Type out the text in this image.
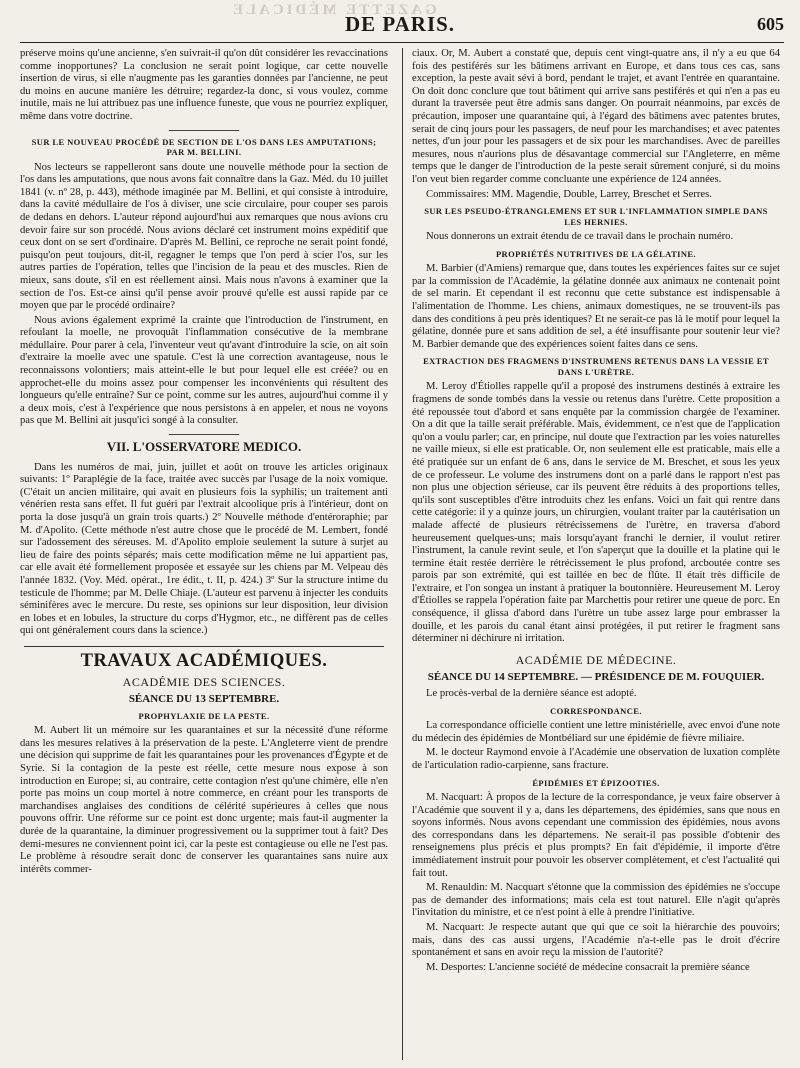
GAZETTE MÉDICALE
DE PARIS.	605

préserve moins qu'une ancienne, s'en suivrait-il qu'on dût considérer les revaccinations comme inopportunes? La conclusion ne serait point logique, car cette nouvelle insertion de virus, si elle n'augmente pas les garanties données par l'ancienne, ne peut du moins en aucune manière les détruire; regardez-la donc, si vous voulez, comme inutile, mais ne lui attribuez pas une influence funeste, que vous ne pourriez expliquer, même dans votre doctrine.

SUR LE NOUVEAU PROCÉDÉ DE SECTION DE L'OS DANS LES AMPUTATIONS; PAR M. BELLINI.

Nos lecteurs se rappelleront sans doute une nouvelle méthode pour la section de l'os dans les amputations, que nous avons fait connaître dans la Gaz. Méd. du 10 juillet 1841 (v. nº 28, p. 443), méthode imaginée par M. Bellini, et qui consiste à introduire, dans la cavité médullaire de l'os à diviser, une scie circulaire, pour couper ses parois de dedans en dehors. L'auteur répond aujourd'hui aux remarques que nous avions cru devoir faire sur son procédé. Nous avions déclaré cet instrument moins expéditif que ceux dont on se sert d'ordinaire. D'après M. Bellini, ce reproche ne serait point fondé, puisqu'on peut toujours, dit-il, regagner le temps que l'on perd à scier l'os, sur les autres parties de l'opération, telles que l'incision de la peau et des muscles. Rien de mieux, sans doute, s'il en est réellement ainsi. Mais nous n'avons à examiner que la section de l'os. Est-ce ainsi qu'il pense avoir prouvé qu'elle est aussi rapide par ce moyen que par le procédé ordinaire?

Nous avions également exprimé la crainte que l'introduction de l'instrument, en refoulant la moelle, ne provoquât l'inflammation consécutive de la membrane médullaire. Pour parer à cela, l'inventeur veut qu'avant d'introduire la scie, on ait soin d'extraire la moelle avec une spatule. C'est là une correction avantageuse, nous le reconnaissons volontiers; mais atteint-elle le but pour lequel elle est créée? ou en approchet-elle du moins assez pour compenser les inconvénients qui résultent des longueurs qu'elle entraîne? Sur ce point, comme sur les autres, aujourd'hui comme il y a deux mois, c'est à l'expérience que nous persistons à en appeler, et nous ne voyons pas que M. Bellini ait jusqu'ici songé à la consulter.

VII. L'OSSERVATORE MEDICO.

Dans les numéros de mai, juin, juillet et août on trouve les articles originaux suivants: 1º Paraplégie de la face, traitée avec succès par l'usage de la noix vomique. (C'était un ancien militaire, qui avait en plusieurs fois la syphilis; un traitement anti vénérien resta sans effet. Il fut guéri par l'extrait alcoolique pris à l'intérieur, dont on porta la dose jusqu'à un grain trois quarts.) 2º Nouvelle méthode d'entéroraphie; par M. d'Apolito. (Cette méthode n'est autre chose que le procédé de M. Lembert, fondé sur l'adossement des séreuses. M. d'Apolito emploie seulement la suture à surjet au lieu de faire des points séparés; mais cette modification même ne lui appartient pas, car elle avait été formellement proposée et essayée sur les chiens par M. Velpeau dès l'année 1832. (Voy. Méd. opérat., 1re édit., t. II, p. 424.) 3º Sur la structure intime du testicule de l'homme; par M. Delle Chiaje. (L'auteur est parvenu à injecter les conduits séminifères avec le mercure. Du reste, ses opinions sur leur disposition, leur division en lobes et en lobules, la structure du corps d'Hygmor, etc., ne diffèrent pas de celles qui ont généralement cours dans la science.)

TRAVAUX ACADÉMIQUES.
ACADÉMIE DES SCIENCES.
SÉANCE DU 13 SEPTEMBRE.
PROPHYLAXIE DE LA PESTE.

M. Aubert lit un mémoire sur les quarantaines et sur la nécessité d'une réforme dans les mesures relatives à la préservation de la peste. L'Angleterre vient de prendre une décision qui supprime de fait les quarantaines pour les provenances d'Égypte et de Syrie. Si la contagion de la peste est réelle, cette mesure nous expose à son introduction en Europe; si, au contraire, cette contagion n'est qu'une chimère, elle n'en porte pas moins un coup mortel à notre commerce, en créant pour les transports de marchandises anglaises des conditions de célérité supérieures à celles que nous pouvons offrir. Une réforme sur ce point est donc urgente; mais faut-il augmenter la durée de la quarantaine, la diminuer progressivement ou la supprimer tout à fait? Des demi-mesures ne conviennent point ici, car la peste est contagieuse ou elle ne l'est pas. Le problème à résoudre serait donc de conserver les quarantaines sans nuire aux intérêts commer-

ciaux. Or, M. Aubert a constaté que, depuis cent vingt-quatre ans, il n'y a eu que 64 fois des pestiférés sur les bâtimens arrivant en Europe, et dans tous ces cas, sans exception, la peste avait sévi à bord, pendant le trajet, et avant l'entrée en quarantaine. On doit donc conclure que tout bâtiment qui arrive sans pestiférés et qui n'en a pas eu durant la traversée peut être admis sans danger. On pourrait néanmoins, par excès de précaution, imposer une quarantaine qui, à l'égard des bâtimens avec patentes brutes, serait de cinq jours pour les passagers, de neuf pour les marchandises; et avec patentes nettes, d'un jour pour les passagers et de six pour les marchandises. Avec de pareilles mesures, nous n'aurions plus de désavantage commercial sur l'Angleterre, en même temps que le danger de l'introduction de la peste serait sûrement conjuré, si du moins l'on veut bien regarder comme concluante une expérience de 124 années.

Commissaires: MM. Magendie, Double, Larrey, Breschet et Serres.

SUR LES PSEUDO-ÉTRANGLEMENS ET SUR L'INFLAMMATION SIMPLE DANS LES HERNIES.

Nous donnerons un extrait étendu de ce travail dans le prochain numéro.

PROPRIÉTÉS NUTRITIVES DE LA GÉLATINE.

M. Barbier (d'Amiens) remarque que, dans toutes les expériences faites sur ce sujet par la commission de l'Académie, la gélatine donnée aux animaux ne contenait point de sel marin. Et cependant il est reconnu que cette substance est indispensable à l'alimentation de l'homme. Les chiens, animaux domestiques, ne se trouvent-ils pas dans des conditions à peu près identiques? Et ne serait-ce pas là le motif pour lequel la gélatine, donnée pure et sans addition de sel, a été insuffisante pour soutenir leur vie? M. Barbier demande que des expériences soient faites dans ce sens.

EXTRACTION DES FRAGMENS D'INSTRUMENS RETENUS DANS LA VESSIE ET DANS L'URÈTRE.

M. Leroy d'Étiolles rappelle qu'il a proposé des instrumens destinés à extraire les fragmens de sonde tombés dans la vessie ou retenus dans l'urètre. Cette proposition a été repoussée tout d'abord et sans enquête par la commission chargée de l'examiner. On a dit que la taille serait préférable. Mais, évidemment, ce n'est que de l'application qu'on a voulu parler; car, en principe, nul doute que l'extraction par les voies naturelles ne vaille mieux, si elle est praticable. Or, non seulement elle est praticable, mais elle a été pratiquée sur un enfant de 6 ans, dans le service de M. Breschet, et sous les yeux de ce professeur. Le volume des instrumens dont on a parlé dans le rapport n'est pas non plus une objection sérieuse, car ils peuvent être réduits à des proportions telles, qu'ils sont susceptibles d'être introduits chez les enfans. Voici un fait qui rentre dans cette catégorie: il y a quinze jours, un chirurgien, voulant traiter par la cautérisation un malade affecté de plusieurs rétrécissemens de l'urètre, en traversa d'abord heureusement quelques-uns; mais lorsqu'ayant franchi le dernier, il voulut retirer l'instrument, la canule revint seule, et l'on s'aperçut que la douille et la platine qui le termine était restée derrière le rétrécissement le plus profond, arcboutée contre ses parois par son extrémité, qui est taillée en bec de flûte. Il était très difficile de l'extraire, et l'on songea un instant à pratiquer la boutonnière. Heureusement M. Leroy d'Étiolles se rappela l'opération faite par Marchettis pour retirer une queue de porc. En conséquence, il glissa d'abord dans l'urètre un tube assez large pour embrasser la douille, et les parois du canal étant ainsi protégées, il put retirer le fragment sans déterminer ni déchirure ni irritation.

ACADÉMIE DE MÉDECINE.
SÉANCE DU 14 SEPTEMBRE. — PRÉSIDENCE DE M. FOUQUIER.

Le procès-verbal de la dernière séance est adopté.

CORRESPONDANCE.

La correspondance officielle contient une lettre ministérielle, avec envoi d'une note du médecin des épidémies de Montbéliard sur une épidémie de fièvre miliaire.

M. le docteur Raymond envoie à l'Académie une observation de luxation complète de l'articulation radio-carpienne, sans fracture.

ÉPIDÉMIES ET ÉPIZOOTIES.

M. Nacquart: À propos de la lecture de la correspondance, je veux faire observer à l'Académie que souvent il y a, dans les départemens, des épidémies, sans que nous en soyons informés. Nous avons cependant une commission des épidémies, nous avons des correspondans dans les départemens. Ne serait-il pas possible d'obtenir des renseignemens plus précis et plus prompts? En fait d'épidémie, il importe d'être immédiatement instruit pour pouvoir les observer complètement, et c'est l'actualité qui fait tout.

M. Renauldin: M. Nacquart s'étonne que la commission des épidémies ne s'occupe pas de demander des informations; mais cela est tout naturel. Elle n'agit qu'après l'invitation du ministre, et ce n'est point à elle à prendre l'initiative.

M. Nacquart: Je respecte autant que qui que ce soit la hiérarchie des pouvoirs; mais, dans des cas aussi urgens, l'Académie n'a-t-elle pas le droit d'écrire spontanément et sans en avoir reçu la mission de l'autorité?

M. Desportes: L'ancienne société de médecine consacrait la première séance
